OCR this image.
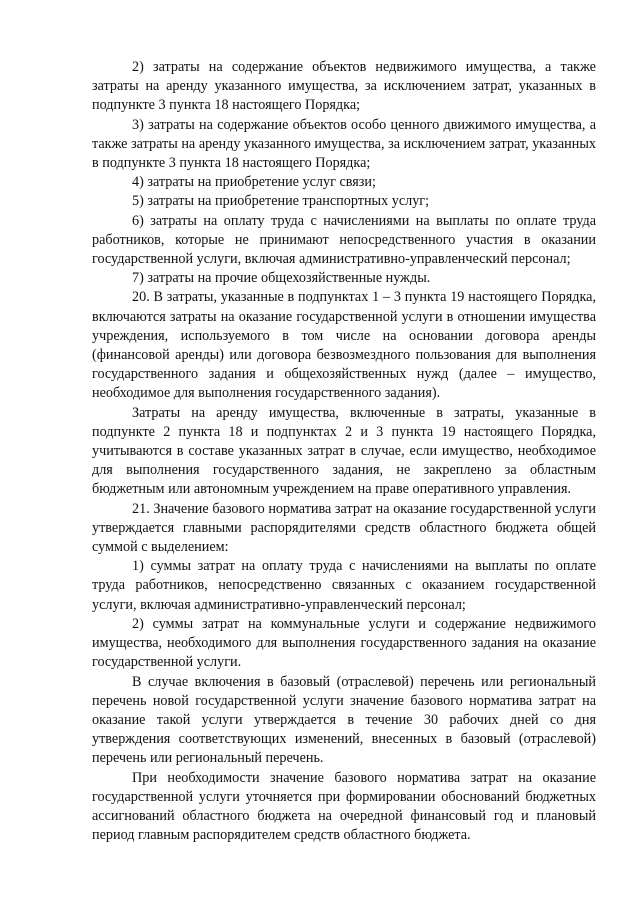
2) затраты на содержание объектов недвижимого имущества, а также затраты на аренду указанного имущества, за исключением затрат, указанных в подпункте 3 пункта 18 настоящего Порядка;

3) затраты на содержание объектов особо ценного движимого имущества, а также затраты на аренду указанного имущества, за исключением затрат, указанных в подпункте 3 пункта 18 настоящего Порядка;

4) затраты на приобретение услуг связи;

5) затраты на приобретение транспортных услуг;

6) затраты на оплату труда с начислениями на выплаты по оплате труда работников, которые не принимают непосредственного участия в оказании государственной услуги, включая административно-управленческий персонал;

7) затраты на прочие общехозяйственные нужды.

20. В затраты, указанные в подпунктах 1 – 3 пункта 19 настоящего Порядка, включаются затраты на оказание государственной услуги в отношении имущества учреждения, используемого в том числе на основании договора аренды (финансовой аренды) или договора безвозмездного пользования для выполнения государственного задания и общехозяйственных нужд (далее – имущество, необходимое для выполнения государственного задания).

Затраты на аренду имущества, включенные в затраты, указанные в подпункте 2 пункта 18 и подпунктах 2 и 3 пункта 19 настоящего Порядка, учитываются в составе указанных затрат в случае, если имущество, необходимое для выполнения государственного задания, не закреплено за областным бюджетным или автономным учреждением на праве оперативного управления.

21. Значение базового норматива затрат на оказание государственной услуги утверждается главными распорядителями средств областного бюджета общей суммой с выделением:

1) суммы затрат на оплату труда с начислениями на выплаты по оплате труда работников, непосредственно связанных с оказанием государственной услуги, включая административно-управленческий персонал;

2) суммы затрат на коммунальные услуги и содержание недвижимого имущества, необходимого для выполнения государственного задания на оказание государственной услуги.

В случае включения в базовый (отраслевой) перечень или региональный перечень новой государственной услуги значение базового норматива затрат на оказание такой услуги утверждается в течение 30 рабочих дней со дня утверждения соответствующих изменений, внесенных в базовый (отраслевой) перечень или региональный перечень.

При необходимости значение базового норматива затрат на оказание государственной услуги уточняется при формировании обоснований бюджетных ассигнований областного бюджета на очередной финансовый год и плановый период главным распорядителем средств областного бюджета.
